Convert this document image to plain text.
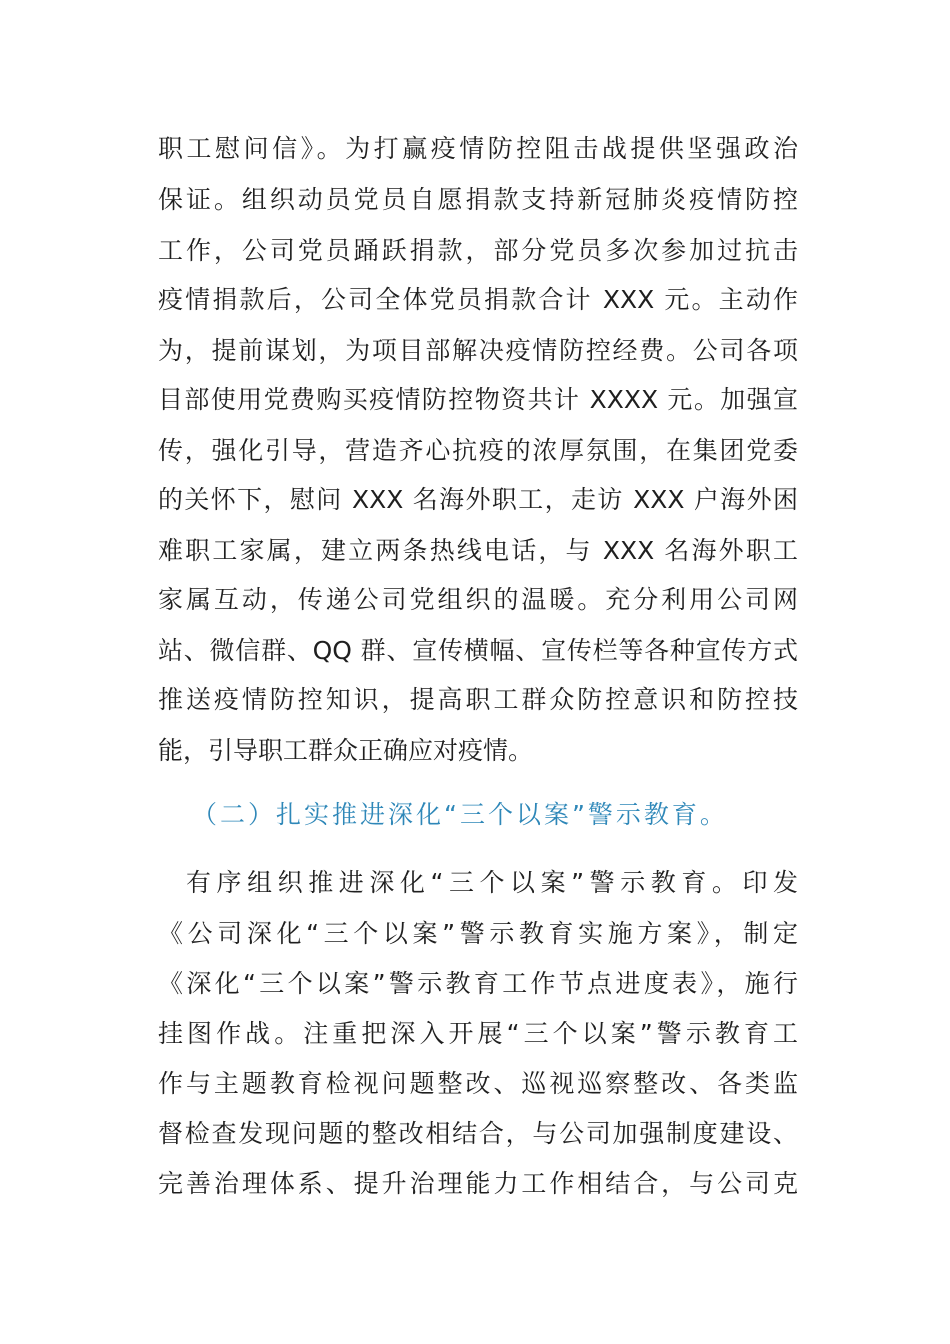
职工慰问信》。为打赢疫情防控阻击战提供坚强政治
保证。组织动员党员自愿捐款支持新冠肺炎疫情防控
工作，公司党员踊跃捐款，部分党员多次参加过抗击
疫情捐款后，公司全体党员捐款合计 XXX 元。主动作
为，提前谋划，为项目部解决疫情防控经费。公司各项
目部使用党费购买疫情防控物资共计 XXXX 元。加强宣
传，强化引导，营造齐心抗疫的浓厚氛围，在集团党委
的关怀下，慰问 XXX 名海外职工，走访 XXX 户海外困
难职工家属，建立两条热线电话，与 XXX 名海外职工
家属互动，传递公司党组织的温暖。充分利用公司网
站、微信群、QQ 群、宣传横幅、宣传栏等各种宣传方式
推送疫情防控知识，提高职工群众防控意识和防控技
能，引导职工群众正确应对疫情。
（二）扎实推进深化“三个以案”警示教育。
有序组织推进深化“三个以案”警示教育。印发
《公司深化“三个以案”警示教育实施方案》，制定
《深化“三个以案”警示教育工作节点进度表》，施行
挂图作战。注重把深入开展“三个以案”警示教育工
作与主题教育检视问题整改、巡视巡察整改、各类监
督检查发现问题的整改相结合，与公司加强制度建设、
完善治理体系、提升治理能力工作相结合，与公司克
